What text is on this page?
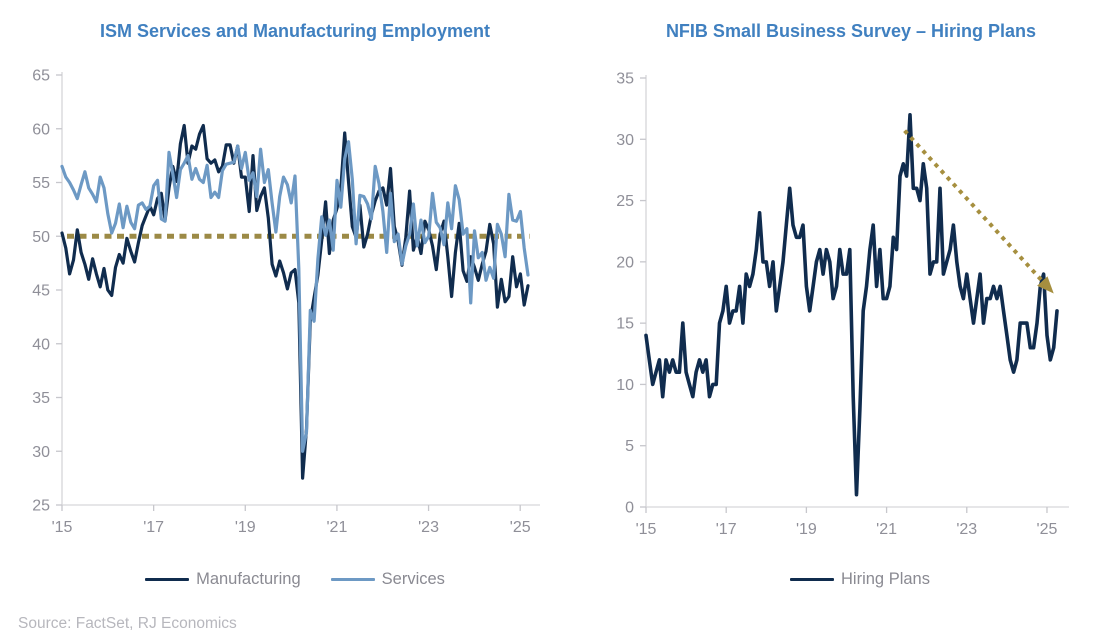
ISM Services and Manufacturing Employment	NFIB Small Business Survey – Hiring Plans
65
60
55
50
45
40
35
30
25
'15	'17	'19	'21	'23	'25
35
30
25
20
15
10
5
0
'15	'17	'19	'21	'23	'25
Manufacturing	Services	Hiring Plans
Source: FactSet, RJ Economics
